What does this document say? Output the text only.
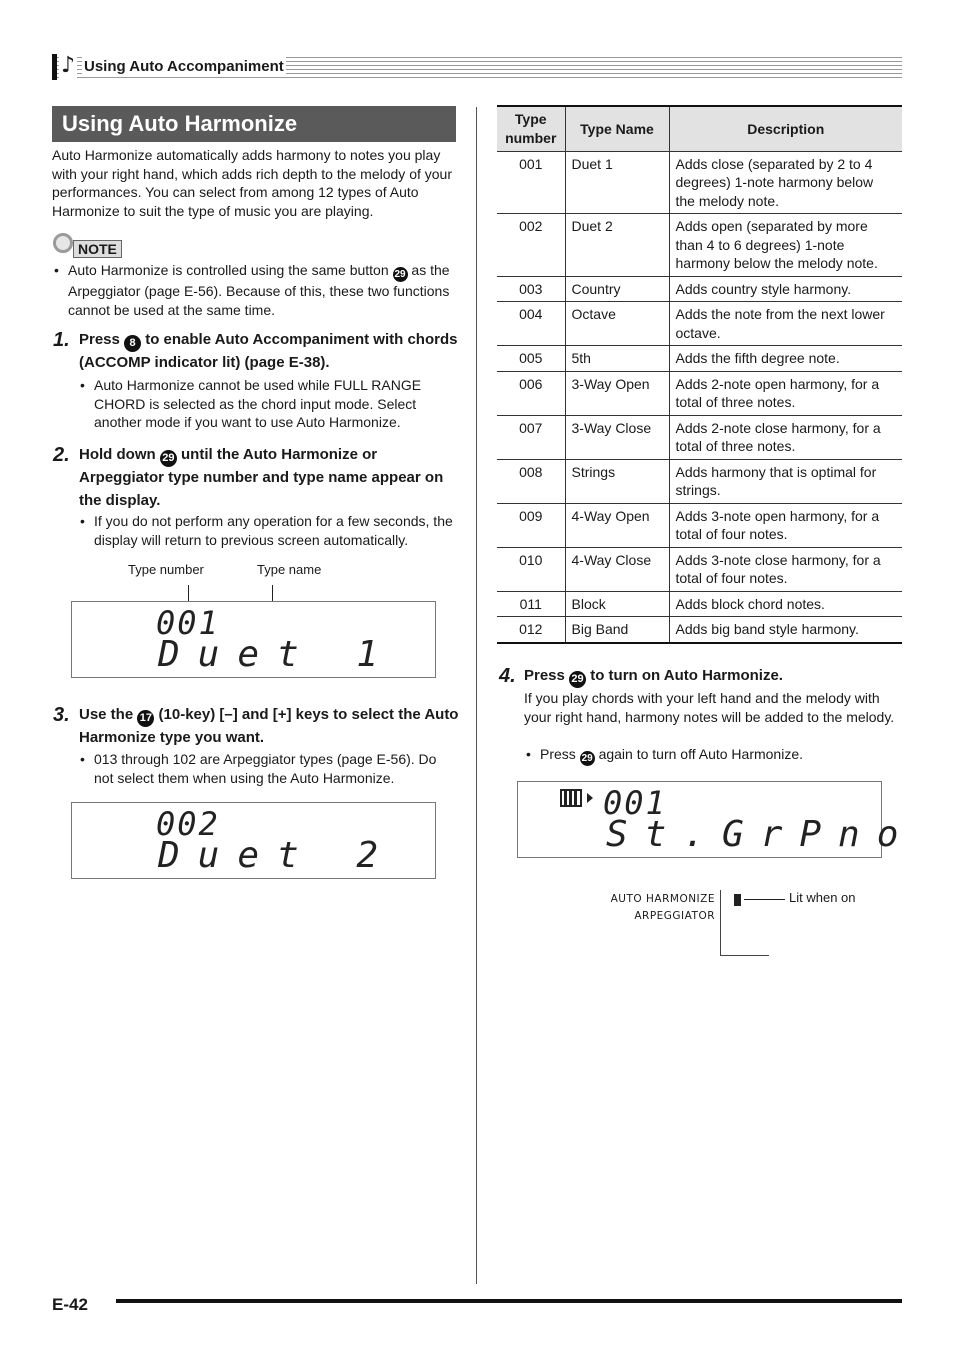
♪ Using Auto Accompaniment
Using Auto Harmonize

Auto Harmonize automatically adds harmony to notes you play with your right hand, which adds rich depth to the melody of your performances. You can select from among 12 types of Auto Harmonize to suit the type of music you are playing.

NOTE
• Auto Harmonize is controlled using the same button 29 as the Arpeggiator (page E-56). Because of this, these two functions cannot be used at the same time.
1. Press 8 to enable Auto Accompaniment with chords (ACCOMP indicator lit) (page E-38).
• Auto Harmonize cannot be used while FULL RANGE CHORD is selected as the chord input mode. Select another mode if you want to use Auto Harmonize.
2. Hold down 29 until the Auto Harmonize or Arpeggiator type number and type name appear on the display.
• If you do not perform any operation for a few seconds, the display will return to previous screen automatically.
Type number	Type name
001
Duet 1
3. Use the 17 (10-key) [–] and [+] keys to select the Auto Harmonize type you want.
• 013 through 102 are Arpeggiator types (page E-56). Do not select them when using the Auto Harmonize.
002
Duet 2
Type number	Type Name	Description
001	Duet 1	Adds close (separated by 2 to 4 degrees) 1-note harmony below the melody note.
002	Duet 2	Adds open (separated by more than 4 to 6 degrees) 1-note harmony below the melody note.
003	Country	Adds country style harmony.
004	Octave	Adds the note from the next lower octave.
005	5th	Adds the fifth degree note.
006	3-Way Open	Adds 2-note open harmony, for a total of three notes.
007	3-Way Close	Adds 2-note close harmony, for a total of three notes.
008	Strings	Adds harmony that is optimal for strings.
009	4-Way Open	Adds 3-note open harmony, for a total of four notes.
010	4-Way Close	Adds 3-note close harmony, for a total of four notes.
011	Block	Adds block chord notes.
012	Big Band	Adds big band style harmony.
4. Press 29 to turn on Auto Harmonize.

If you play chords with your left hand and the melody with your right hand, harmony notes will be added to the melody.

• Press 29 again to turn off Auto Harmonize.
001
St.GrPno
AUTO HARMONIZE
ARPEGGIATOR
Lit when on
E-42
